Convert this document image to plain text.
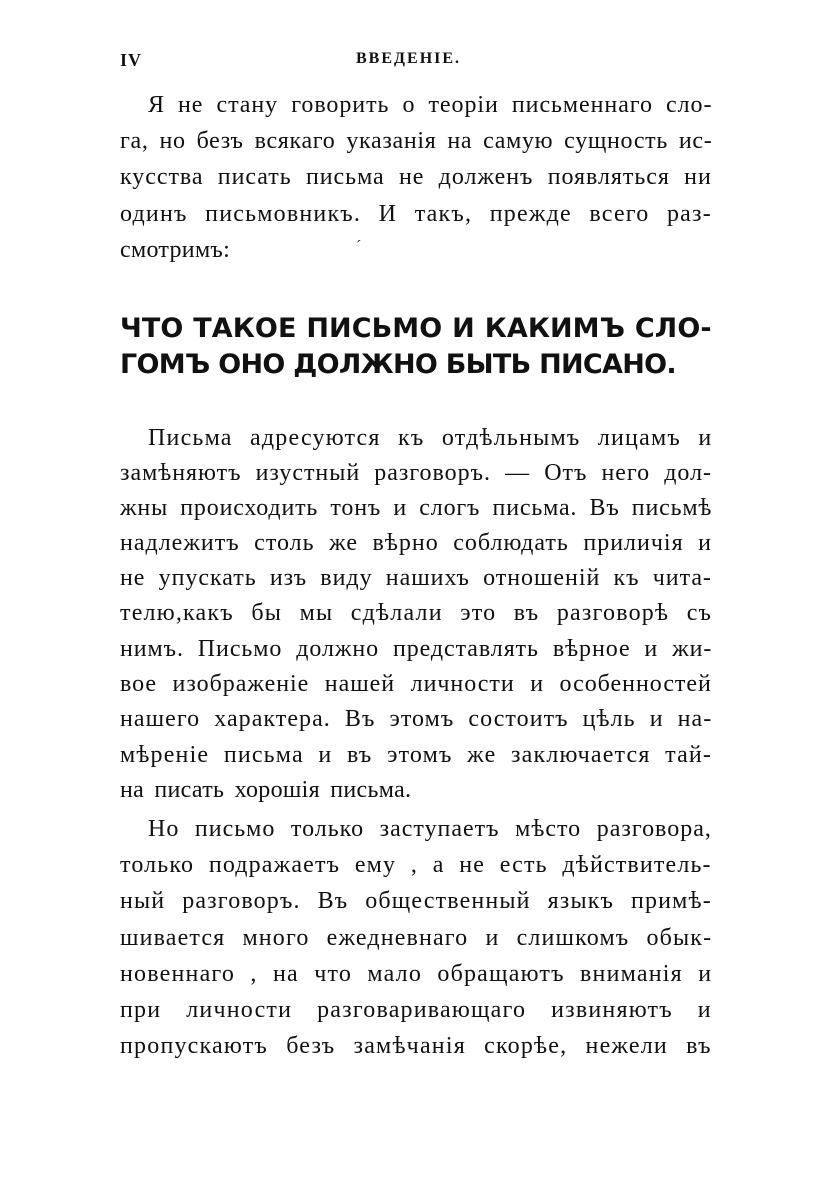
IV	ВВЕДЕНІЕ.
Я не стану говорить о теоріи письменнаго сло-
га, но безъ всякаго указанія на самую сущность ис-
кусства писать письма не долженъ появляться ни
одинъ письмовникъ. И такъ, прежде всего раз-
смотримъ:	´
ЧТО ТАКОЕ ПИСЬМО И КАКИМЪ СЛО-
ГОМЪ ОНО ДОЛЖНО БЫТЬ ПИСАНО.
Письма адресуются къ отдѣльнымъ лицамъ и
замѣняютъ изустный разговоръ. — Отъ него дол-
жны происходить тонъ и слогъ письма. Въ письмѣ
надлежитъ столь же вѣрно соблюдать приличія и
не упускать изъ виду нашихъ отношеній къ чита-
телю,какъ бы мы сдѣлали это въ разговорѣ съ
нимъ. Письмо должно представлять вѣрное и жи-
вое изображеніе нашей личности и особенностей
нашего характера. Въ этомъ состоитъ цѣль и на-
мѣреніе письма и въ этомъ же заключается тай-
на писать хорошія письма.
Но письмо только заступаетъ мѣсто разговора,
только подражаетъ ему , а не есть дѣйствитель-
ный разговоръ. Въ общественный языкъ примѣ-
шивается много ежедневнаго и слишкомъ обык-
новеннаго , на что мало обращаютъ вниманія и
при личности разговаривающаго извиняютъ и
пропускаютъ безъ замѣчанія скорѣе, нежели въ
